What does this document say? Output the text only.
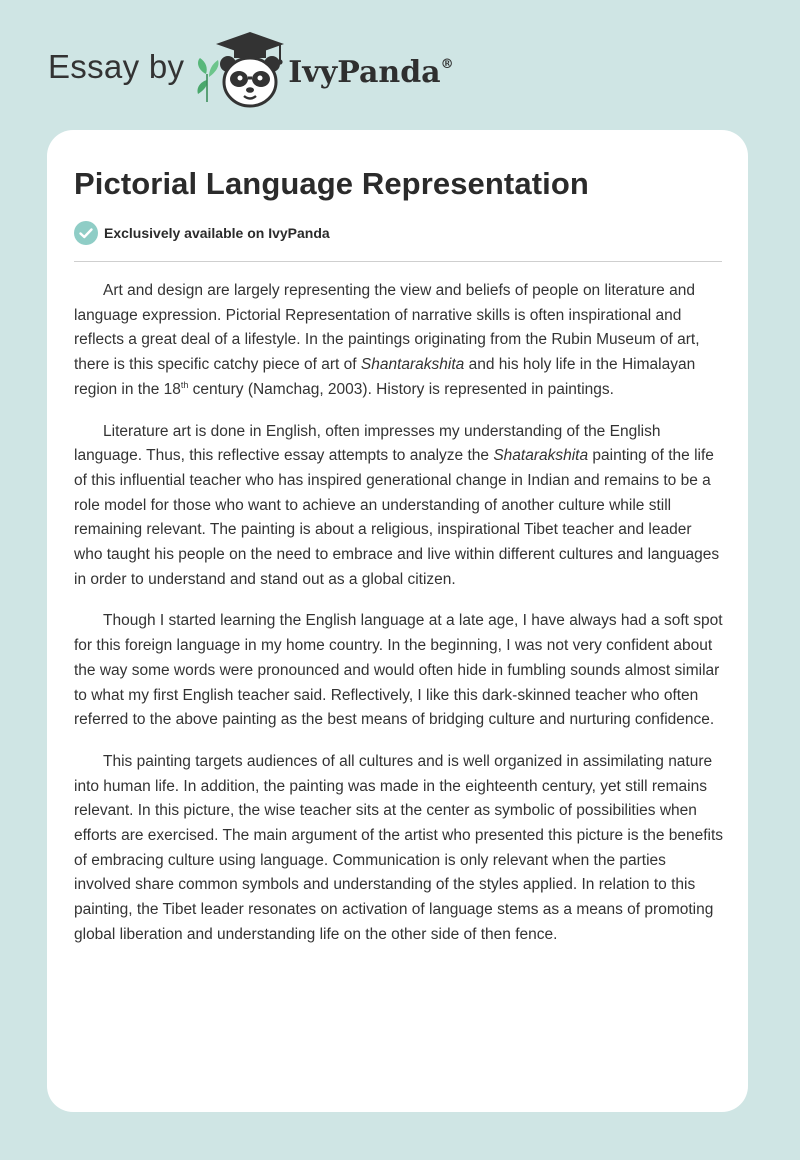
Essay by	IvyPanda®
Pictorial Language Representation
Exclusively available on IvyPanda

Art and design are largely representing the view and beliefs of people on literature and language expression. Pictorial Representation of narrative skills is often inspirational and reflects a great deal of a lifestyle. In the paintings originating from the Rubin Museum of art, there is this specific catchy piece of art of Shantarakshita and his holy life in the Himalayan region in the 18th century (Namchag, 2003). History is represented in paintings.

Literature art is done in English, often impresses my understanding of the English language. Thus, this reflective essay attempts to analyze the Shatarakshita painting of the life of this influential teacher who has inspired generational change in Indian and remains to be a role model for those who want to achieve an understanding of another culture while still remaining relevant. The painting is about a religious, inspirational Tibet teacher and leader who taught his people on the need to embrace and live within different cultures and languages in order to understand and stand out as a global citizen.

Though I started learning the English language at a late age, I have always had a soft spot for this foreign language in my home country. In the beginning, I was not very confident about the way some words were pronounced and would often hide in fumbling sounds almost similar to what my first English teacher said. Reflectively, I like this dark-skinned teacher who often referred to the above painting as the best means of bridging culture and nurturing confidence.

This painting targets audiences of all cultures and is well organized in assimilating nature into human life. In addition, the painting was made in the eighteenth century, yet still remains relevant. In this picture, the wise teacher sits at the center as symbolic of possibilities when efforts are exercised. The main argument of the artist who presented this picture is the benefits of embracing culture using language. Communication is only relevant when the parties involved share common symbols and understanding of the styles applied. In relation to this painting, the Tibet leader resonates on activation of language stems as a means of promoting global liberation and understanding life on the other side of then fence.
